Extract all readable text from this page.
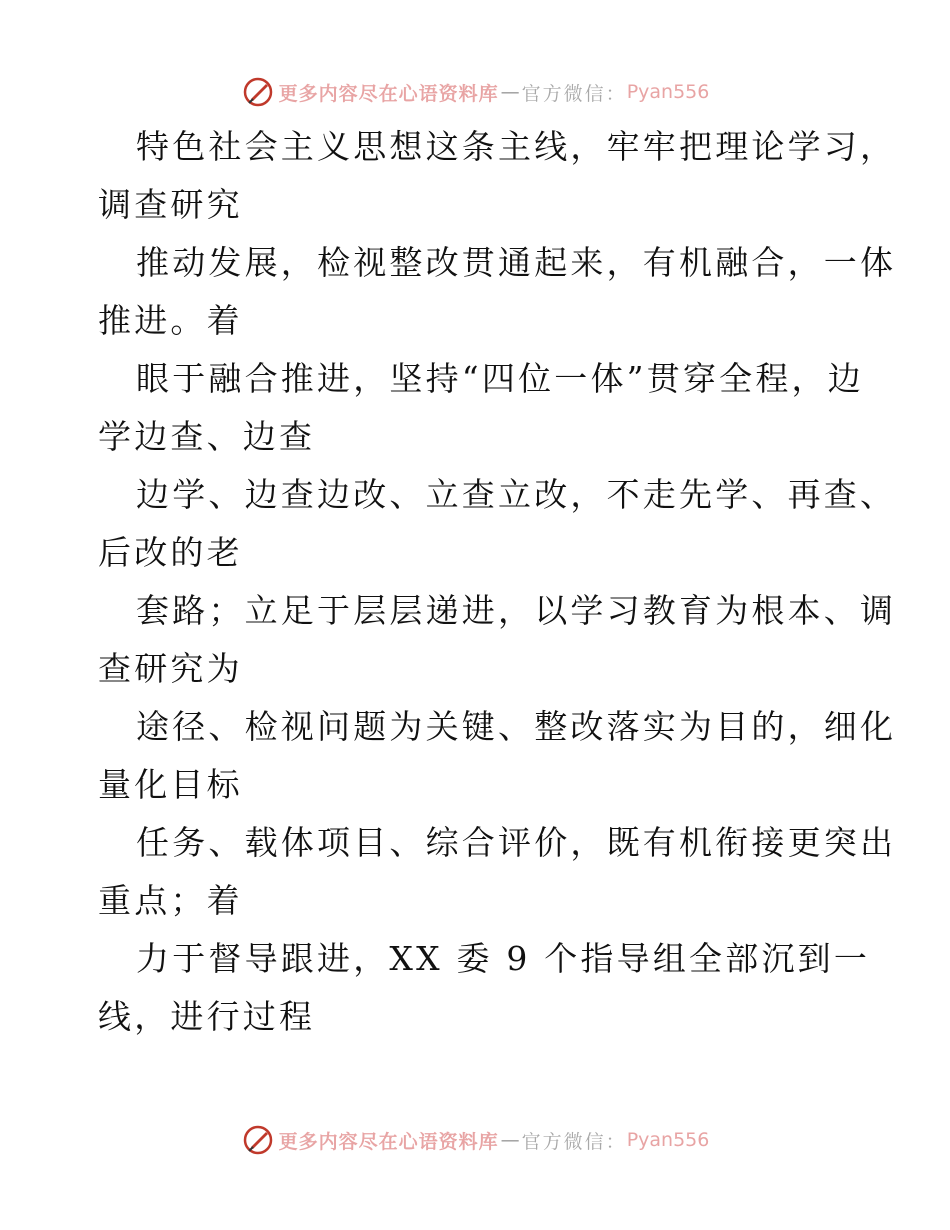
更多内容尽在心语资料库 — 官方微信： Pyan556
特色社会主义思想这条主线，牢牢把理论学习，
调查研究
推动发展，检视整改贯通起来，有机融合，一体
推进。着
眼于融合推进，坚持“四位一体”贯穿全程，边
学边查、边查
边学、边查边改、立查立改，不走先学、再查、
后改的老
套路；立足于层层递进，以学习教育为根本、调
查研究为
途径、检视问题为关键、整改落实为目的，细化
量化目标
任务、载体项目、综合评价，既有机衔接更突出
重点；着
力于督导跟进，XX 委 9 个指导组全部沉到一
线，进行过程
更多内容尽在心语资料库 — 官方微信： Pyan556
